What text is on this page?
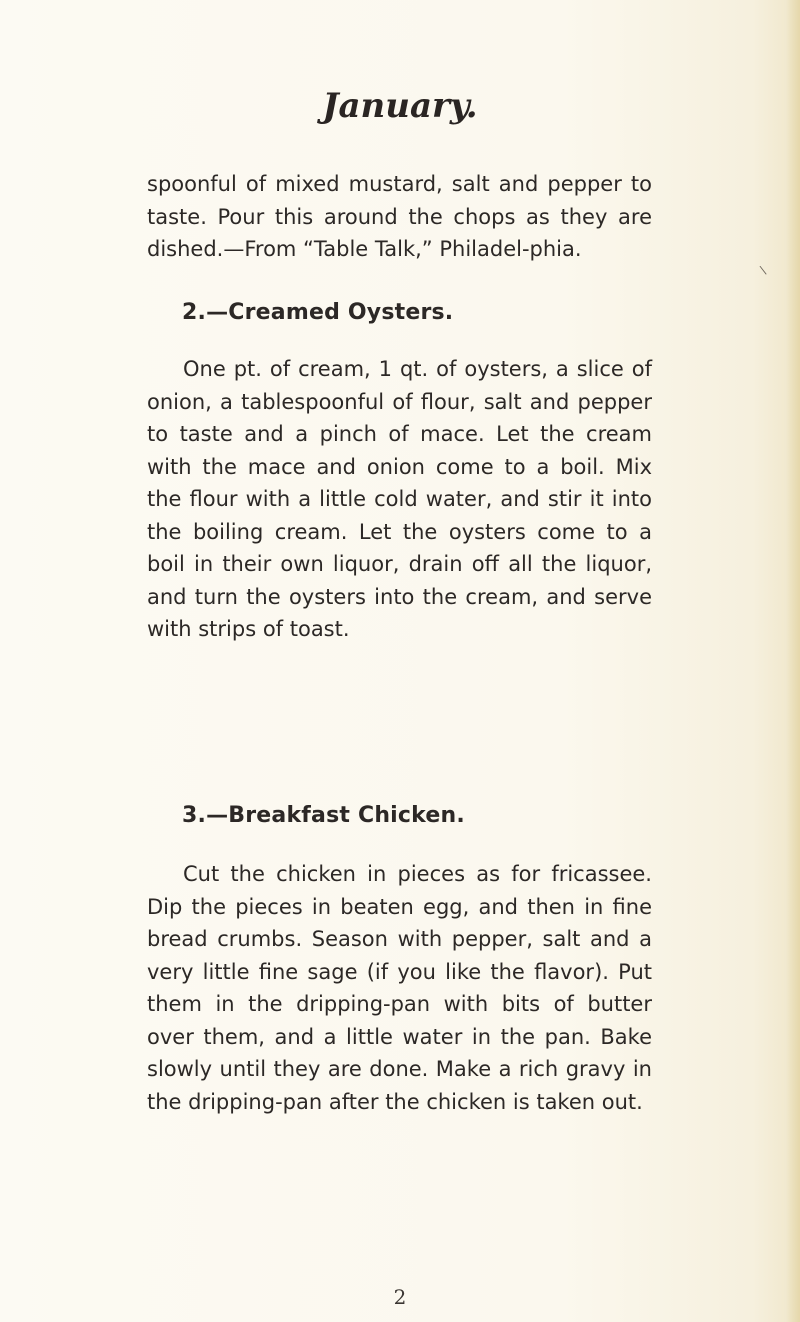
January.

spoonful of mixed mustard, salt and pepper to taste. Pour this around the chops as they are dished.—From “Table Talk,” Philadel-phia.

2.—Creamed Oysters.

One pt. of cream, 1 qt. of oysters, a slice of onion, a tablespoonful of flour, salt and pepper to taste and a pinch of mace. Let the cream with the mace and onion come to a boil. Mix the flour with a little cold water, and stir it into the boiling cream. Let the oysters come to a boil in their own liquor, drain off all the liquor, and turn the oysters into the cream, and serve with strips of toast.

3.—Breakfast Chicken.

Cut the chicken in pieces as for fricassee. Dip the pieces in beaten egg, and then in fine bread crumbs. Season with pepper, salt and a very little fine sage (if you like the flavor). Put them in the dripping-pan with bits of butter over them, and a little water in the pan. Bake slowly until they are done. Make a rich gravy in the dripping-pan after the chicken is taken out.

2
\
